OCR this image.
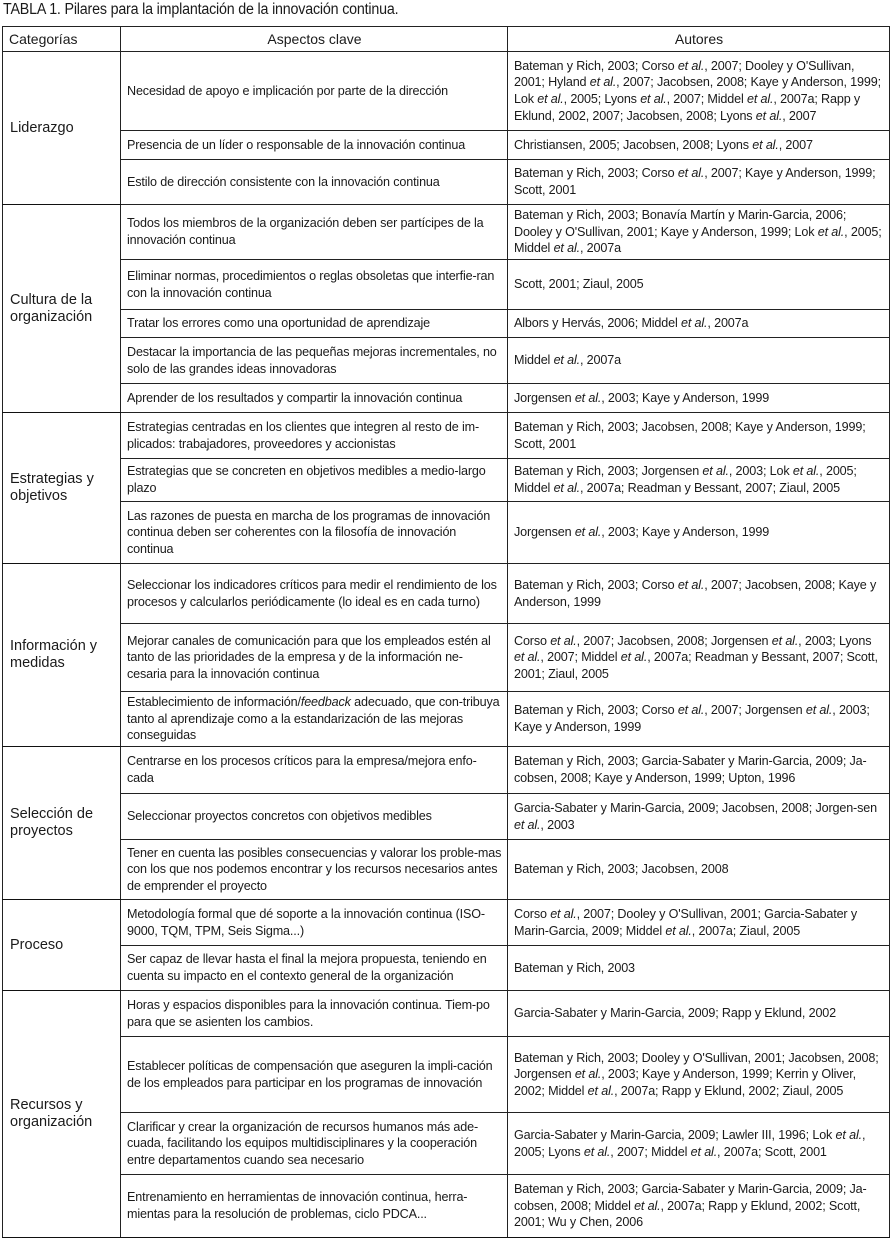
TABLA 1. Pilares para la implantación de la innovación continua.
Categorías	Aspectos clave	Autores
Liderazgo	Necesidad de apoyo e implicación por parte de la dirección	Bateman y Rich, 2003; Corso et al., 2007; Dooley y O'Sullivan, 2001; Hyland et al., 2007; Jacobsen, 2008; Kaye y Anderson, 1999; Lok et al., 2005; Lyons et al., 2007; Middel et al., 2007a; Rapp y Eklund, 2002, 2007; Jacobsen, 2008; Lyons et al., 2007

	Presencia de un líder o responsable de la innovación continua	Christiansen, 2005; Jacobsen, 2008; Lyons et al., 2007

	Estilo de dirección consistente con la innovación continua	Bateman y Rich, 2003; Corso et al., 2007; Kaye y Anderson, 1999; Scott, 2001

Cultura de la organización	Todos los miembros de la organización deben ser partícipes de la innovación continua	Bateman y Rich, 2003; Bonavía Martín y Marin-Garcia, 2006; Dooley y O'Sullivan, 2001; Kaye y Anderson, 1999; Lok et al., 2005; Middel et al., 2007a

	Eliminar normas, procedimientos o reglas obsoletas que interfie-ran con la innovación continua	Scott, 2001; Ziaul, 2005

	Tratar los errores como una oportunidad de aprendizaje	Albors y Hervás, 2006; Middel et al., 2007a

	Destacar la importancia de las pequeñas mejoras incrementales, no solo de las grandes ideas innovadoras	Middel et al., 2007a

	Aprender de los resultados y compartir la innovación continua	Jorgensen et al., 2003; Kaye y Anderson, 1999

Estrategias y objetivos	Estrategias centradas en los clientes que integren al resto de im-plicados: trabajadores, proveedores y accionistas	Bateman y Rich, 2003; Jacobsen, 2008; Kaye y Anderson, 1999; Scott, 2001

	Estrategias que se concreten en objetivos medibles a medio-largo plazo	Bateman y Rich, 2003; Jorgensen et al., 2003; Lok et al., 2005; Middel et al., 2007a; Readman y Bessant, 2007; Ziaul, 2005

	Las razones de puesta en marcha de los programas de innovación continua deben ser coherentes con la filosofía de innovación continua	Jorgensen et al., 2003; Kaye y Anderson, 1999

Información y medidas	Seleccionar los indicadores críticos para medir el rendimiento de los procesos y calcularlos periódicamente (lo ideal es en cada turno)	Bateman y Rich, 2003; Corso et al., 2007; Jacobsen, 2008; Kaye y Anderson, 1999

	Mejorar canales de comunicación para que los empleados estén al tanto de las prioridades de la empresa y de la información ne-cesaria para la innovación continua	Corso et al., 2007; Jacobsen, 2008; Jorgensen et al., 2003; Lyons et al., 2007; Middel et al., 2007a; Readman y Bessant, 2007; Scott, 2001; Ziaul, 2005

	Establecimiento de información/feedback adecuado, que con-tribuya tanto al aprendizaje como a la estandarización de las mejoras conseguidas	Bateman y Rich, 2003; Corso et al., 2007; Jorgensen et al., 2003; Kaye y Anderson, 1999

Selección de proyectos	Centrarse en los procesos críticos para la empresa/mejora enfo-cada	Bateman y Rich, 2003; Garcia-Sabater y Marin-Garcia, 2009; Ja-cobsen, 2008; Kaye y Anderson, 1999; Upton, 1996

	Seleccionar proyectos concretos con objetivos medibles	Garcia-Sabater y Marin-Garcia, 2009; Jacobsen, 2008; Jorgen-sen et al., 2003

	Tener en cuenta las posibles consecuencias y valorar los proble-mas con los que nos podemos encontrar y los recursos necesarios antes de emprender el proyecto	Bateman y Rich, 2003; Jacobsen, 2008

Proceso	Metodología formal que dé soporte a la innovación continua (ISO-9000, TQM, TPM, Seis Sigma...)	Corso et al., 2007; Dooley y O'Sullivan, 2001; Garcia-Sabater y Marin-Garcia, 2009; Middel et al., 2007a; Ziaul, 2005

	Ser capaz de llevar hasta el final la mejora propuesta, teniendo en cuenta su impacto en el contexto general de la organización	Bateman y Rich, 2003

Recursos y organización	Horas y espacios disponibles para la innovación continua. Tiem-po para que se asienten los cambios.	Garcia-Sabater y Marin-Garcia, 2009; Rapp y Eklund, 2002

	Establecer políticas de compensación que aseguren la impli-cación de los empleados para participar en los programas de innovación	Bateman y Rich, 2003; Dooley y O'Sullivan, 2001; Jacobsen, 2008; Jorgensen et al., 2003; Kaye y Anderson, 1999; Kerrin y Oliver, 2002; Middel et al., 2007a; Rapp y Eklund, 2002; Ziaul, 2005

	Clarificar y crear la organización de recursos humanos más ade-cuada, facilitando los equipos multidisciplinares y la cooperación entre departamentos cuando sea necesario	Garcia-Sabater y Marin-Garcia, 2009; Lawler III, 1996; Lok et al., 2005; Lyons et al., 2007; Middel et al., 2007a; Scott, 2001

	Entrenamiento en herramientas de innovación continua, herra-mientas para la resolución de problemas, ciclo PDCA...	Bateman y Rich, 2003; Garcia-Sabater y Marin-Garcia, 2009; Ja-cobsen, 2008; Middel et al., 2007a; Rapp y Eklund, 2002; Scott, 2001; Wu y Chen, 2006
